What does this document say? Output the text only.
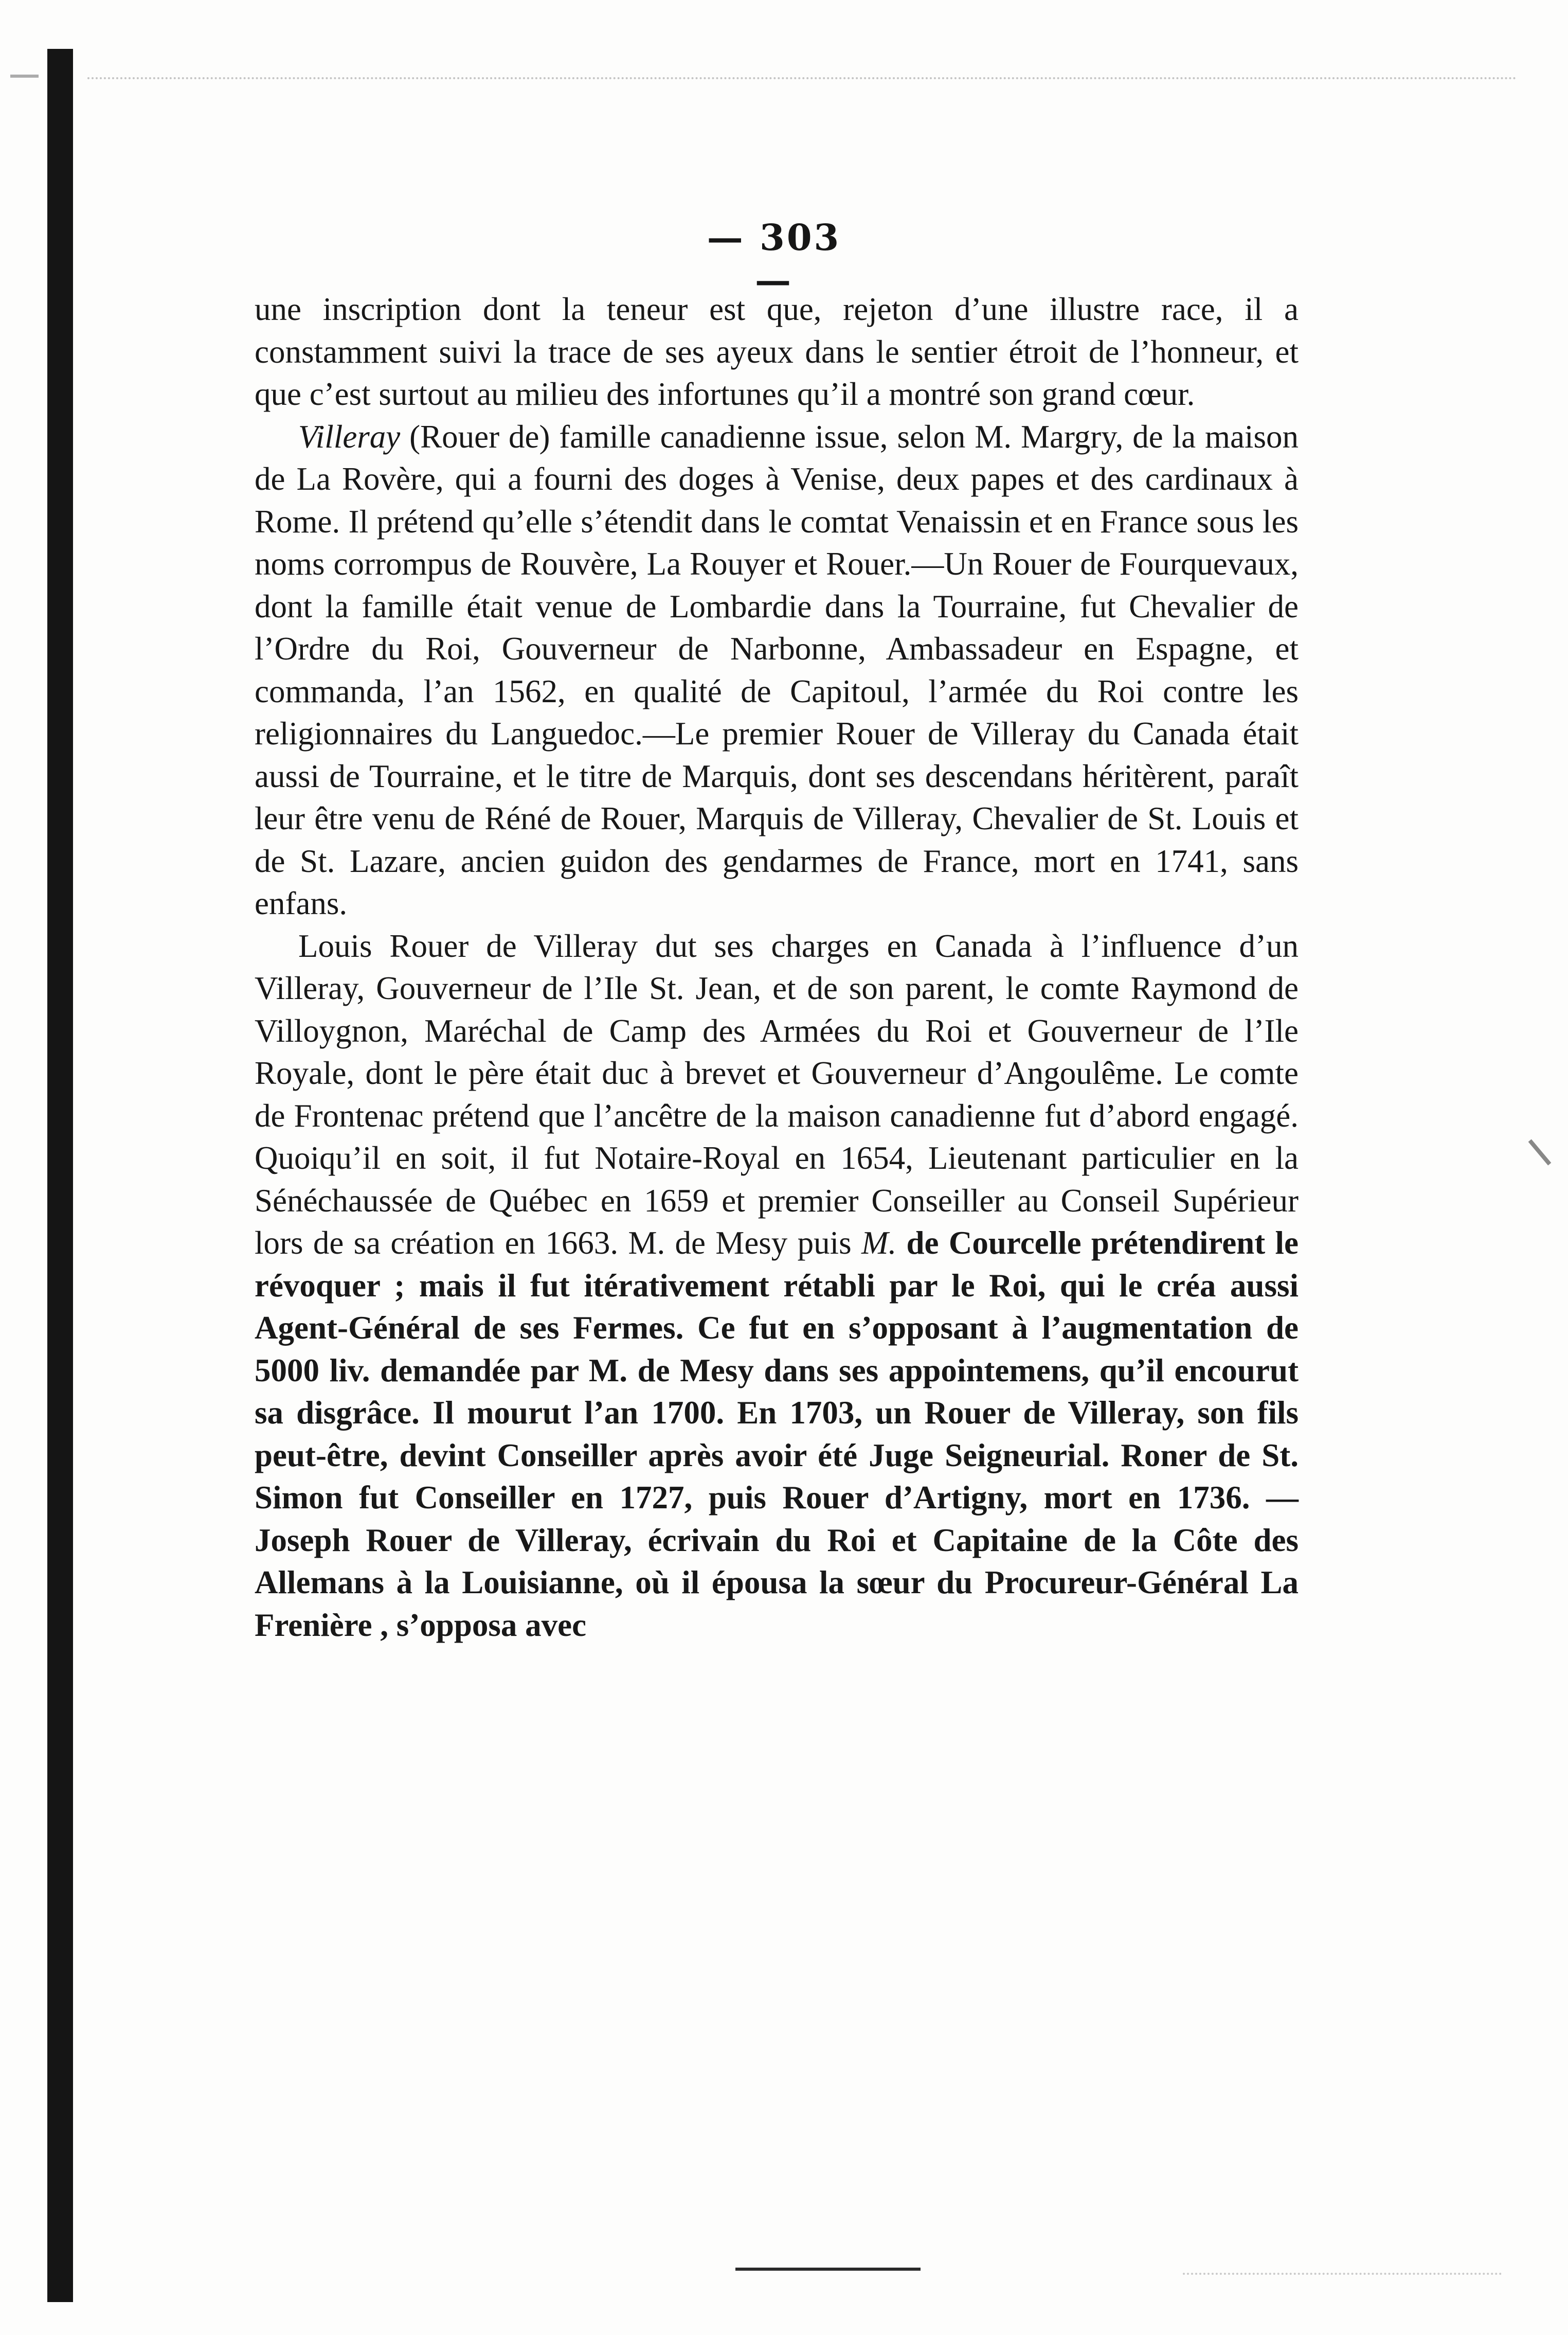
— 303 —

une inscription dont la teneur est que, rejeton d’une illustre race, il a constamment suivi la trace de ses ayeux dans le sentier étroit de l’honneur, et que c’est surtout au milieu des infortunes qu’il a montré son grand cœur.

Villeray (Rouer de) famille canadienne issue, selon M. Margry, de la maison de La Rovère, qui a fourni des doges à Venise, deux papes et des cardinaux à Rome. Il prétend qu’elle s’étendit dans le comtat Venaissin et en France sous les noms corrompus de Rouvère, La Rouyer et Rouer.—Un Rouer de Fourquevaux, dont la famille était venue de Lombardie dans la Tourraine, fut Chevalier de l’Ordre du Roi, Gouverneur de Narbonne, Ambassadeur en Espagne, et commanda, l’an 1562, en qualité de Capitoul, l’armée du Roi contre les religionnaires du Languedoc.—Le premier Rouer de Villeray du Canada était aussi de Tourraine, et le titre de Marquis, dont ses descendans héritèrent, paraît leur être venu de Réné de Rouer, Marquis de Villeray, Chevalier de St. Louis et de St. Lazare, ancien guidon des gendarmes de France, mort en 1741, sans enfans.

Louis Rouer de Villeray dut ses charges en Canada à l’influence d’un Villeray, Gouverneur de l’Ile St. Jean, et de son parent, le comte Raymond de Villoygnon, Maréchal de Camp des Armées du Roi et Gouverneur de l’Ile Royale, dont le père était duc à brevet et Gouverneur d’Angoulême. Le comte de Frontenac prétend que l’ancêtre de la maison canadienne fut d’abord engagé. Quoiqu’il en soit, il fut Notaire-Royal en 1654, Lieutenant particulier en la Sénéchaussée de Québec en 1659 et premier Conseiller au Conseil Supérieur lors de sa création en 1663. M. de Mesy puis M. de Courcelle prétendirent le révoquer ; mais il fut itérativement rétabli par le Roi, qui le créa aussi Agent-Général de ses Fermes. Ce fut en s’opposant à l’augmentation de 5000 liv. demandée par M. de Mesy dans ses appointemens, qu’il encourut sa disgrâce. Il mourut l’an 1700. En 1703, un Rouer de Villeray, son fils peut-être, devint Conseiller après avoir été Juge Seigneurial. Roner de St. Simon fut Conseiller en 1727, puis Rouer d’Artigny, mort en 1736. —Joseph Rouer de Villeray, écrivain du Roi et Capitaine de la Côte des Allemans à la Louisianne, où il épousa la sœur du Procureur-Général La Frenière , s’opposa avec
